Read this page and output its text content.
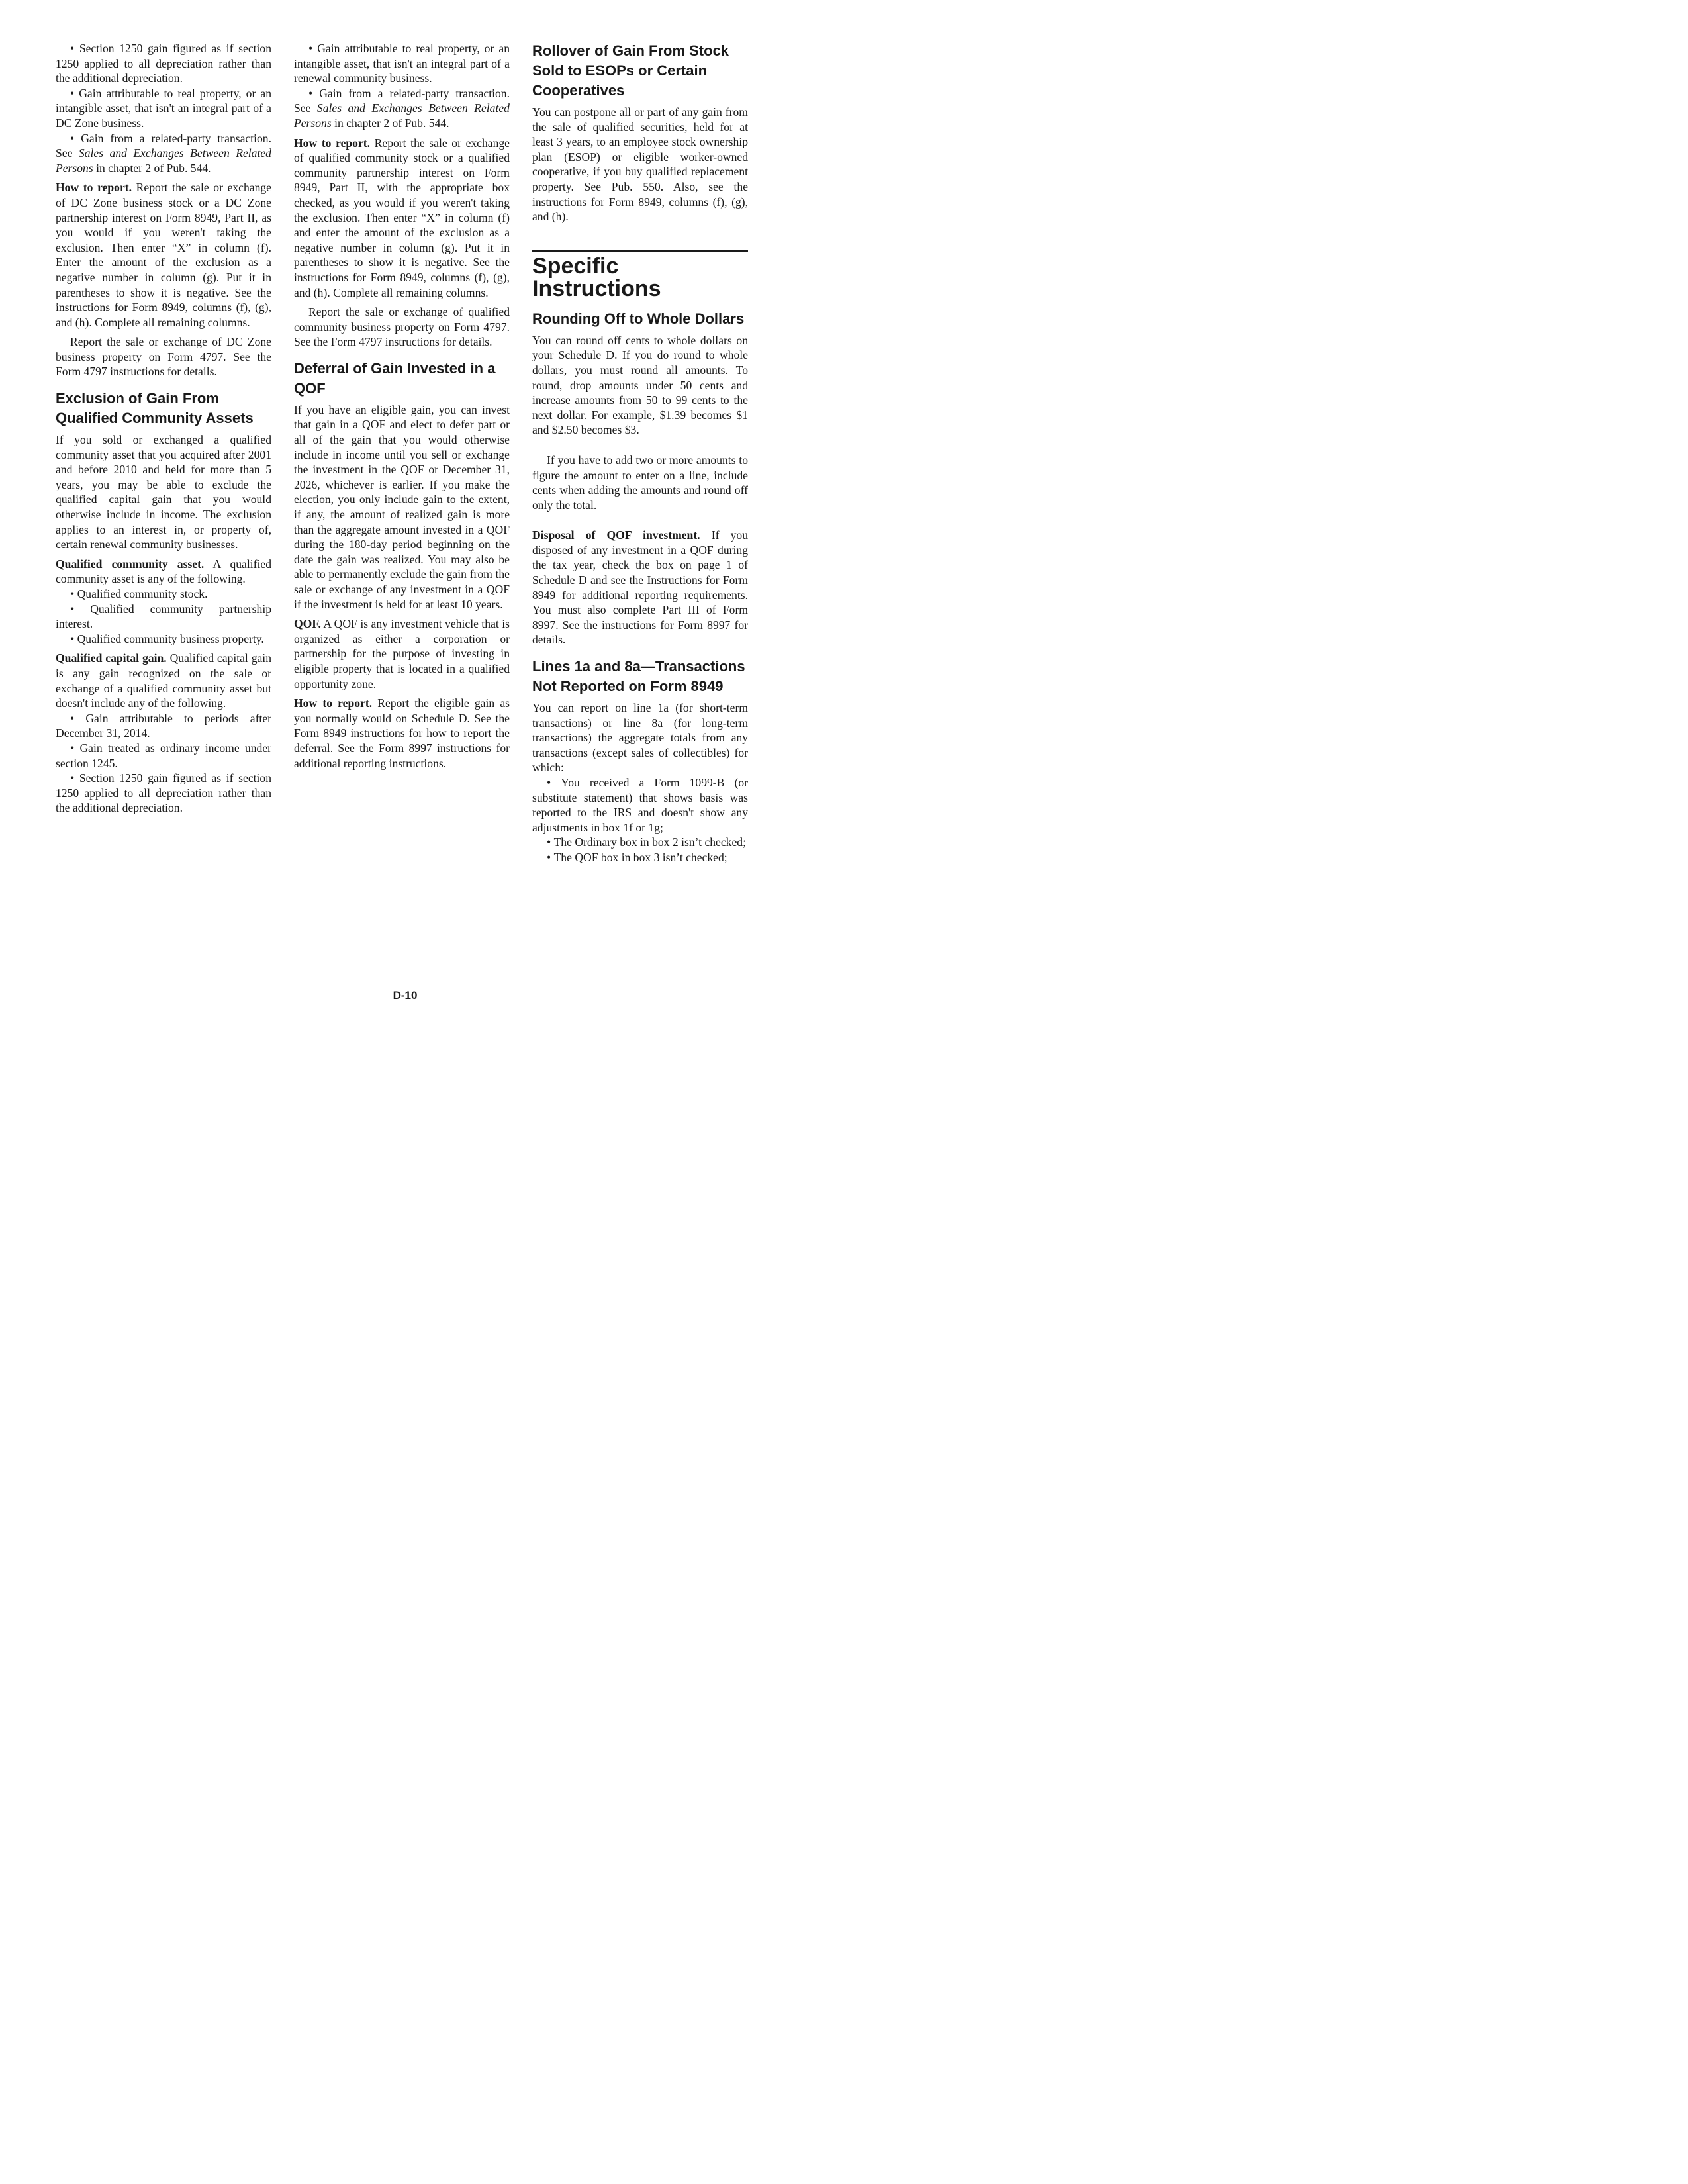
• Section 1250 gain figured as if section 1250 applied to all depreciation rather than the additional depreciation.

• Gain attributable to real property, or an intangible asset, that isn't an integral part of a DC Zone business.

• Gain from a related-party transaction. See Sales and Exchanges Between Related Persons in chapter 2 of Pub. 544.

How to report. Report the sale or exchange of DC Zone business stock or a DC Zone partnership interest on Form 8949, Part II, as you would if you weren't taking the exclusion. Then enter “X” in column (f). Enter the amount of the exclusion as a negative number in column (g). Put it in parentheses to show it is negative. See the instructions for Form 8949, columns (f), (g), and (h). Complete all remaining columns.

Report the sale or exchange of DC Zone business property on Form 4797. See the Form 4797 instructions for details.

Exclusion of Gain From Qualified Community Assets

If you sold or exchanged a qualified community asset that you acquired after 2001 and before 2010 and held for more than 5 years, you may be able to exclude the qualified capital gain that you would otherwise include in income. The exclusion applies to an interest in, or property of, certain renewal community businesses.

Qualified community asset. A qualified community asset is any of the following.

• Qualified community stock.

• Qualified community partnership interest.

• Qualified community business property.

Qualified capital gain. Qualified capital gain is any gain recognized on the sale or exchange of a qualified community asset but doesn't include any of the following.

• Gain attributable to periods after December 31, 2014.

• Gain treated as ordinary income under section 1245.

• Section 1250 gain figured as if section 1250 applied to all depreciation rather than the additional depreciation.

• Gain attributable to real property, or an intangible asset, that isn't an integral part of a renewal community business.

• Gain from a related-party transaction. See Sales and Exchanges Between Related Persons in chapter 2 of Pub. 544.

How to report. Report the sale or exchange of qualified community stock or a qualified community partnership interest on Form 8949, Part II, with the appropriate box checked, as you would if you weren't taking the exclusion. Then enter “X” in column (f) and enter the amount of the exclusion as a negative number in column (g). Put it in parentheses to show it is negative. See the instructions for Form 8949, columns (f), (g), and (h). Complete all remaining columns.

Report the sale or exchange of qualified community business property on Form 4797. See the Form 4797 instructions for details.

Deferral of Gain Invested in a QOF

If you have an eligible gain, you can invest that gain in a QOF and elect to defer part or all of the gain that you would otherwise include in income until you sell or exchange the investment in the QOF or December 31, 2026, whichever is earlier. If you make the election, you only include gain to the extent, if any, the amount of realized gain is more than the aggregate amount invested in a QOF during the 180-day period beginning on the date the gain was realized. You may also be able to permanently exclude the gain from the sale or exchange of any investment in a QOF if the investment is held for at least 10 years.

QOF. A QOF is any investment vehicle that is organized as either a corporation or partnership for the purpose of investing in eligible property that is located in a qualified opportunity zone.

How to report. Report the eligible gain as you normally would on Schedule D. See the Form 8949 instructions for how to report the deferral. See the Form 8997 instructions for additional reporting instructions.

Rollover of Gain From Stock Sold to ESOPs or Certain Cooperatives

You can postpone all or part of any gain from the sale of qualified securities, held for at least 3 years, to an employee stock ownership plan (ESOP) or eligible worker-owned cooperative, if you buy qualified replacement property. See Pub. 550. Also, see the instructions for Form 8949, columns (f), (g), and (h).

Specific
Instructions
Rounding Off to Whole Dollars

You can round off cents to whole dollars on your Schedule D. If you do round to whole dollars, you must round all amounts. To round, drop amounts under 50 cents and increase amounts from 50 to 99 cents to the next dollar. For example, $1.39 becomes $1 and $2.50 becomes $3.

If you have to add two or more amounts to figure the amount to enter on a line, include cents when adding the amounts and round off only the total.

Disposal of QOF investment. If you disposed of any investment in a QOF during the tax year, check the box on page 1 of Schedule D and see the Instructions for Form 8949 for additional reporting requirements. You must also complete Part III of Form 8997. See the instructions for Form 8997 for details.

Lines 1a and 8a—Transactions Not Reported on Form 8949

You can report on line 1a (for short-term transactions) or line 8a (for long-term transactions) the aggregate totals from any transactions (except sales of collectibles) for which:

• You received a Form 1099-B (or substitute statement) that shows basis was reported to the IRS and doesn't show any adjustments in box 1f or 1g;

• The Ordinary box in box 2 isn’t checked;

• The QOF box in box 3 isn’t checked;

D-10
